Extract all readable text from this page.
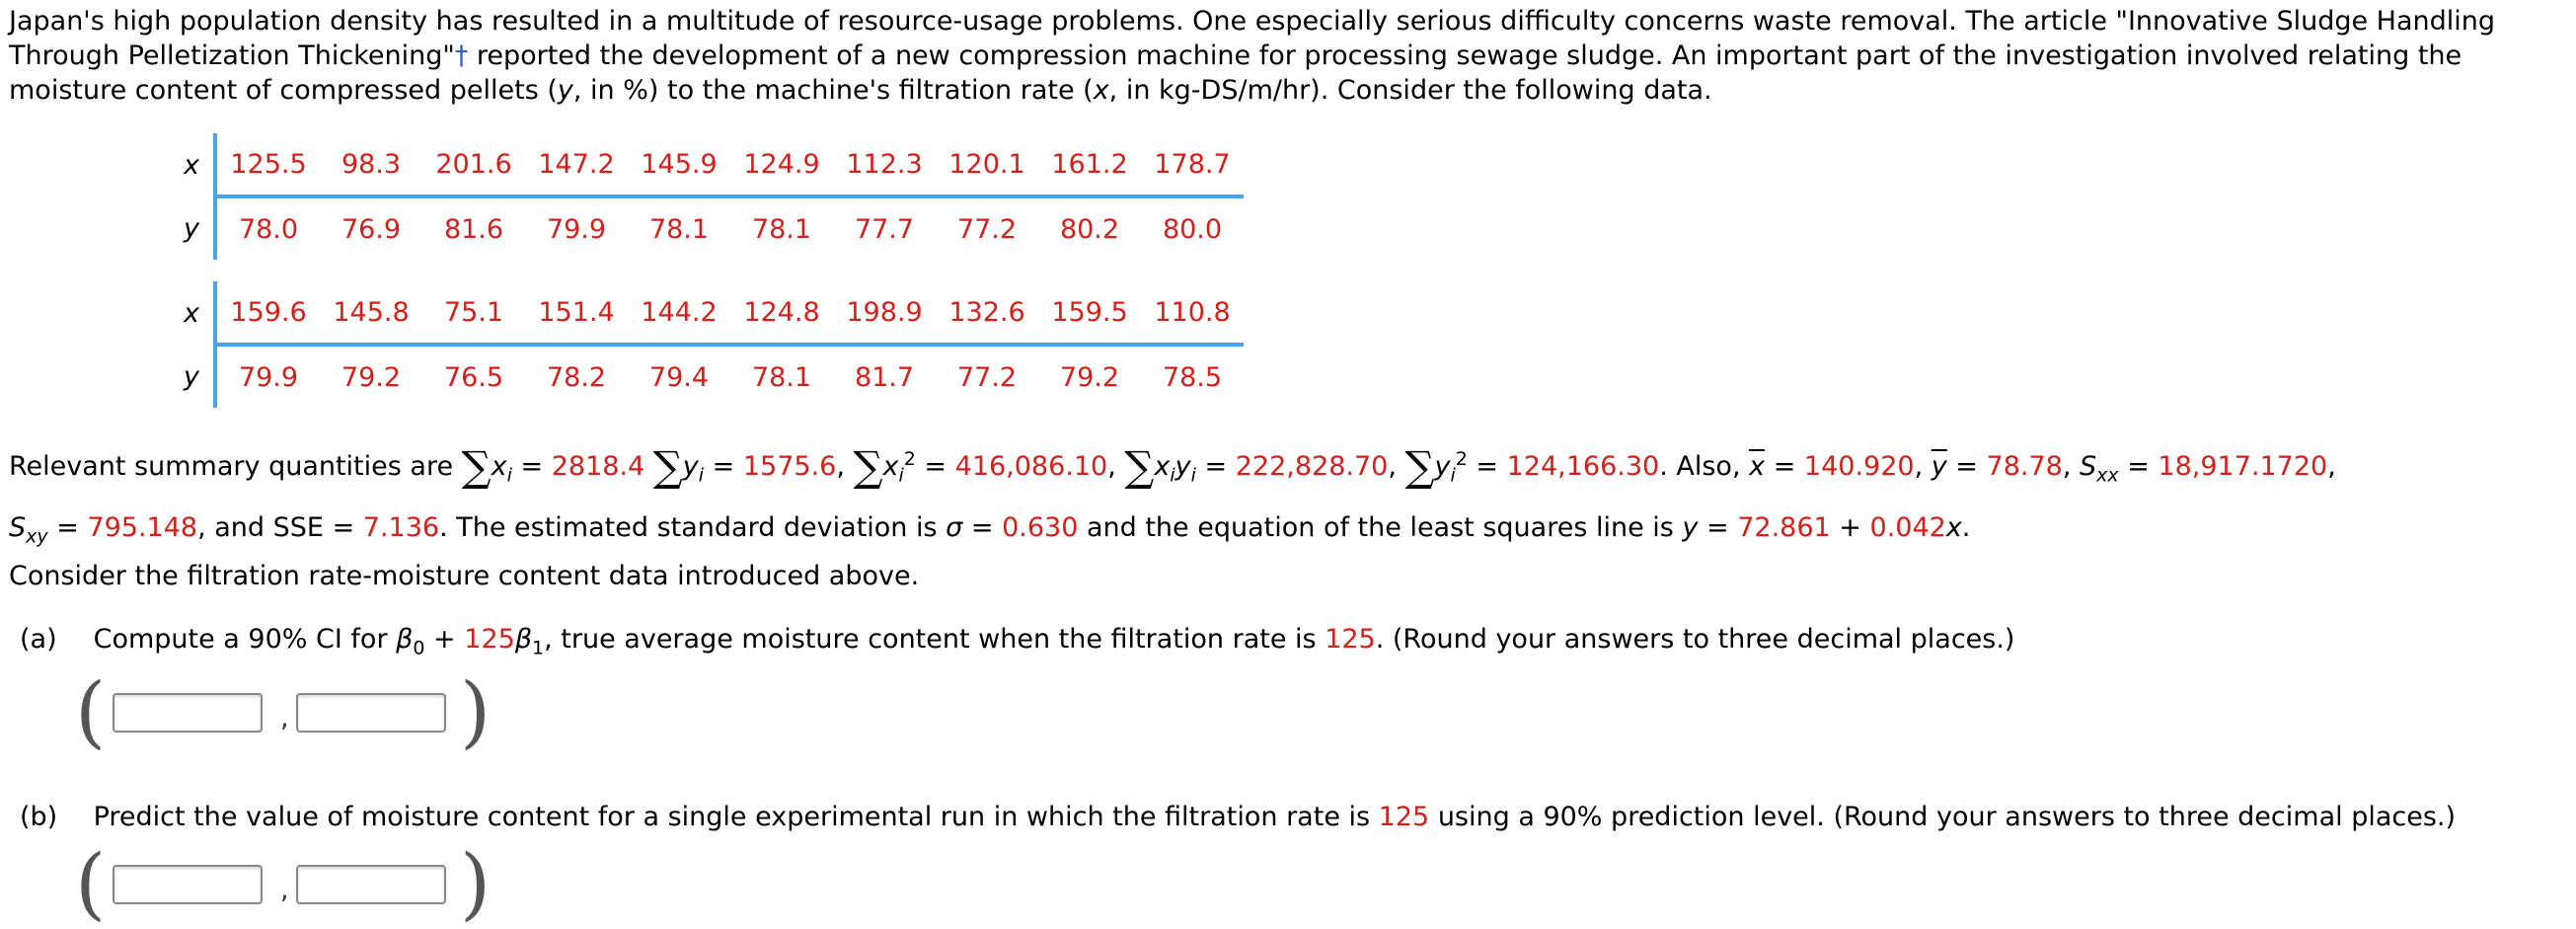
Japan's high population density has resulted in a multitude of resource-usage problems. One especially serious difficulty concerns waste removal. The article "Innovative Sludge Handling Through Pelletization Thickening"† reported the development of a new compression machine for processing sewage sludge. An important part of the investigation involved relating the moisture content of compressed pellets (y, in %) to the machine's filtration rate (x, in kg-DS/m/hr). Consider the following data.
x	125.5	98.3	201.6	147.2	145.9	124.9	112.3	120.1	161.2	178.7
y	78.0	76.9	81.6	79.9	78.1	78.1	77.7	77.2	80.2	80.0
x	159.6	145.8	75.1	151.4	144.2	124.8	198.9	132.6	159.5	110.8
y	79.9	79.2	76.5	78.2	79.4	78.1	81.7	77.2	79.2	78.5
Relevant summary quantities are $\sum x_i = 2818.4$ $\sum y_i = 1575.6$, $\sum x_i^2 = 416,086.10$, $\sum x_iy_i = 222,828.70$, $\sum y_i^2 = 124,166.30$. Also, $\overline{x} = 140.920$, $\overline{y} = 78.78$, $S_{xx} = 18,917.1720$,
$S_{xy} = 795.148$, and SSE = 7.136. The estimated standard deviation is σ = 0.630 and the equation of the least squares line is y = 72.861 + 0.042x.
Consider the filtration rate-moisture content data introduced above.
(a) Compute a 90% CI for $\beta_0 + 125\beta_1$, true average moisture content when the filtration rate is 125. (Round your answers to three decimal places.)
(	, )
(b) Predict the value of moisture content for a single experimental run in which the filtration rate is 125 using a 90% prediction level. (Round your answers to three decimal places.)
(	, )
